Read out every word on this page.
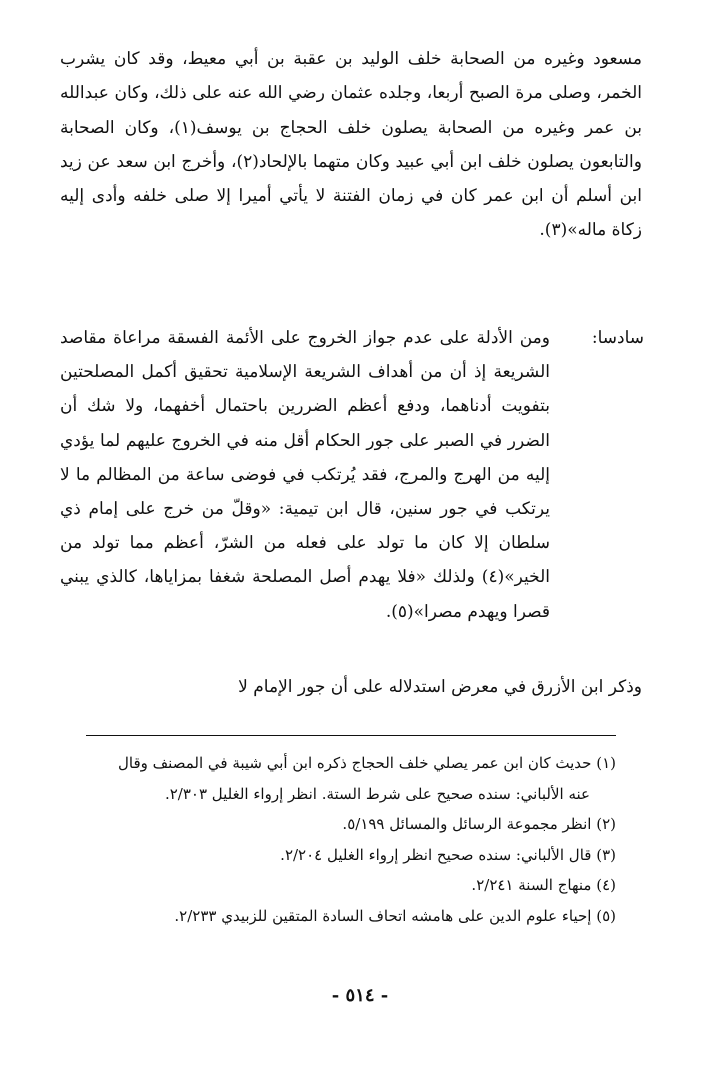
مسعود وغيره من الصحابة خلف الوليد بن عقبة بن أبي معيط، وقد كان يشرب الخمر، وصلى مرة الصبح أربعا، وجلده عثمان رضي الله عنه على ذلك، وكان عبدالله بن عمر وغيره من الصحابة يصلون خلف الحجاج بن يوسف(١)، وكان الصحابة والتابعون يصلون خلف ابن أبي عبيد وكان متهما بالإلحاد(٢)، وأخرج ابن سعد عن زيد ابن أسلم أن ابن عمر كان في زمان الفتنة لا يأتي أميرا إلا صلى خلفه وأدى إليه زكاة ماله»(٣).
سادسا:
ومن الأدلة على عدم جواز الخروج على الأئمة الفسقة مراعاة مقاصد الشريعة إذ أن من أهداف الشريعة الإسلامية تحقيق أكمل المصلحتين بتفويت أدناهما، ودفع أعظم الضررين باحتمال أخفهما، ولا شك أن الضرر في الصبر على جور الحكام أقل منه في الخروج عليهم لما يؤدي إليه من الهرج والمرج، فقد يُرتكب في فوضى ساعة من المظالم ما لا يرتكب في جور سنين، قال ابن تيمية: «وقلّ من خرج على إمام ذي سلطان إلا كان ما تولد على فعله من الشرّ، أعظم مما تولد من الخير»(٤) ولذلك «فلا يهدم أصل المصلحة شغفا بمزاياها، كالذي يبني قصرا ويهدم مصرا»(٥).
وذكر ابن الأزرق في معرض استدلاله على أن جور الإمام لا
(١) حديث كان ابن عمر يصلي خلف الحجاج ذكره ابن أبي شيبة في المصنف وقال
عنه الألباني: سنده صحيح على شرط الستة. انظر إرواء الغليل ٢/٣٠٣.
(٢) انظر مجموعة الرسائل والمسائل ٥/١٩٩.
(٣) قال الألباني: سنده صحيح انظر إرواء الغليل ٢/٢٠٤.
(٤) منهاج السنة ٢/٢٤١.
(٥) إحياء علوم الدين على هامشه اتحاف السادة المتقين للزبيدي ٢/٢٣٣.
- ٥١٤ -
